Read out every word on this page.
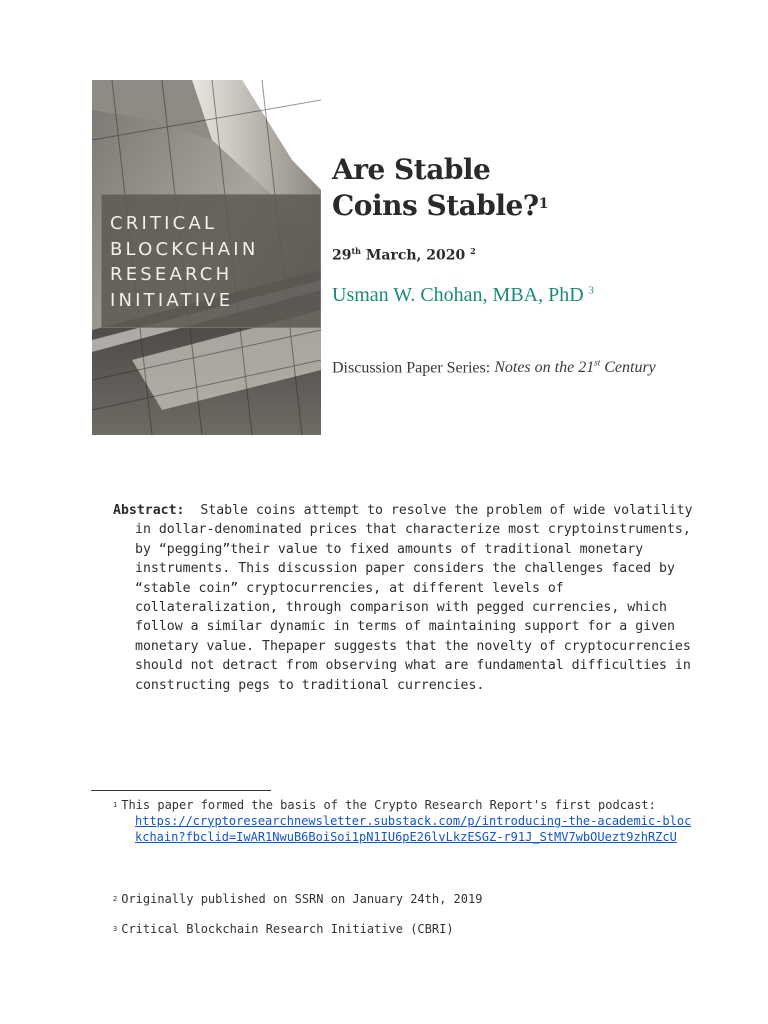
CRITICAL
BLOCKCHAIN
RESEARCH
INITIATIVE
Are Stable
Coins Stable?$^1$
29th March, 2020 $^2$
Usman W. Chohan, MBA, PhD $^3$
Discussion Paper Series: Notes on the 21st Century
Abstract: Stable coins attempt to resolve the problem of wide volatility in dollar-denominated prices that characterize most cryptoinstruments, by “pegging”their value to fixed amounts of traditional monetary instruments. This discussion paper considers the challenges faced by “stable coin” cryptocurrencies, at different levels of collateralization, through comparison with pegged currencies, which follow a similar dynamic in terms of maintaining support for a given monetary value. Thepaper suggests that the novelty of cryptocurrencies should not detract from observing what are fundamental difficulties in constructing pegs to traditional currencies.
$^1$ This paper formed the basis of the Crypto Research Report's first podcast:
https://cryptoresearchnewsletter.substack.com/p/introducing-the-academic-blockchain?fbclid=IwAR1NwuB6BoiSoi1pN1IU6pE26lvLkzESGZ-r91J_StMV7wbOUezt9zhRZcU
$^2$ Originally published on SSRN on January 24th, 2019
$^3$ Critical Blockchain Research Initiative (CBRI)
